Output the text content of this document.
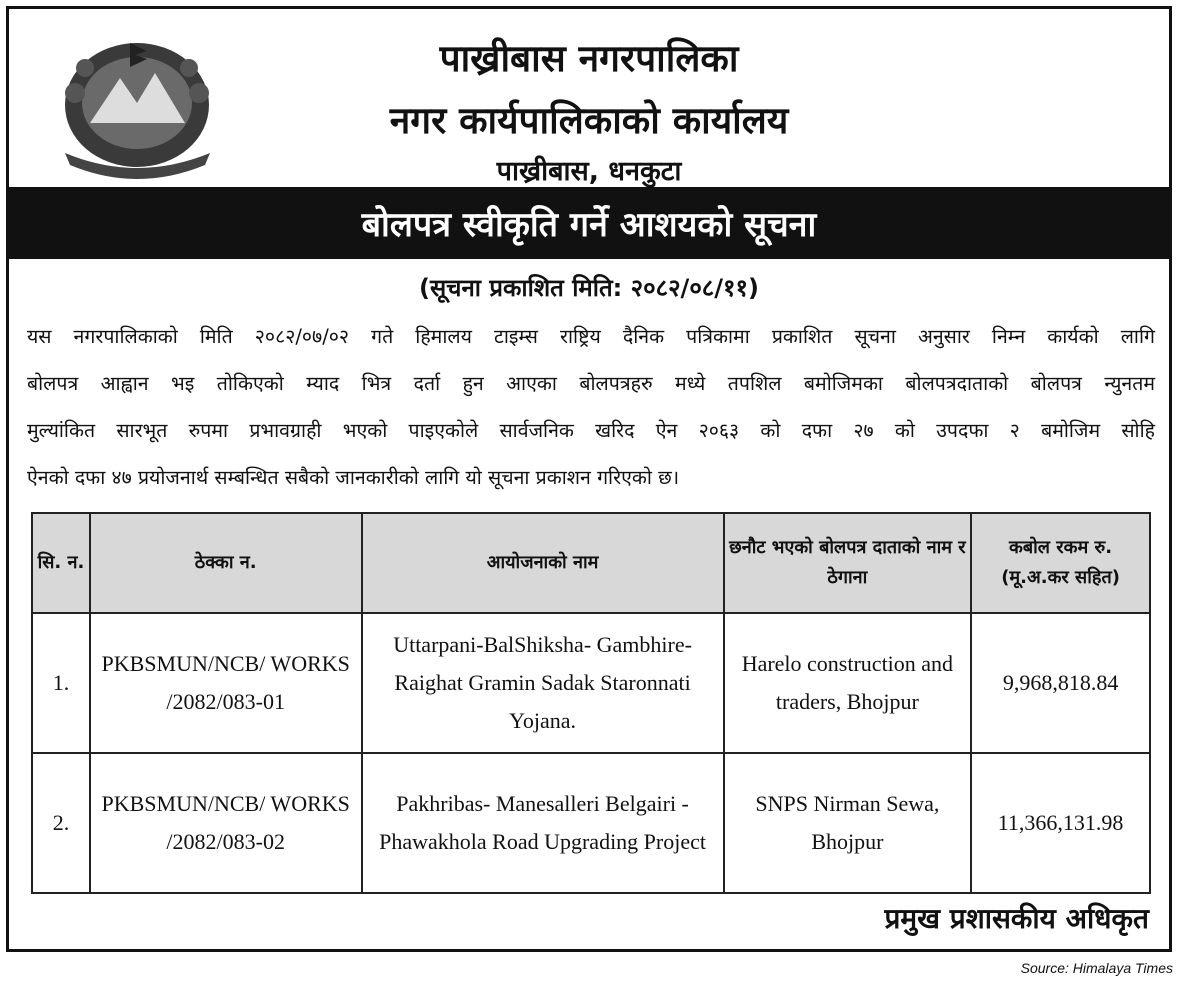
पाख्रीबास नगरपालिका
नगर कार्यपालिकाको कार्यालय
पाख्रीबास, धनकुटा
बोलपत्र स्वीकृति गर्ने आशयको सूचना
(सूचना प्रकाशित मिति: २०८२/०८/११)
यस नगरपालिकाको मिति २०८२/०७/०२ गते हिमालय टाइम्स राष्ट्रिय दैनिक पत्रिकामा प्रकाशित सूचना अनुसार निम्न कार्यको लागि
बोलपत्र आह्वान भइ तोकिएको म्याद भित्र दर्ता हुन आएका बोलपत्रहरु मध्ये तपशिल बमोजिमका बोलपत्रदाताको बोलपत्र न्युनतम
मुल्यांकित सारभूत रुपमा प्रभावग्राही भएको पाइएकोले सार्वजनिक खरिद ऐन २०६३ को दफा २७ को उपदफा २ बमोजिम सोहि
ऐनको दफा ४७ प्रयोजनार्थ सम्बन्धित सबैको जानकारीको लागि यो सूचना प्रकाशन गरिएको छ।
सि. न.	ठेक्का न.	आयोजनाको नाम	छनौट भएको बोलपत्र दाताको नाम र ठेगाना	कबोल रकम रु. (मू.अ.कर सहित)
1.	PKBSMUN/NCB/ WORKS /2082/083-01	Uttarpani-BalShiksha- Gambhire- Raighat Gramin Sadak Staronnati Yojana.	Harelo construction and traders, Bhojpur	9,968,818.84
2.	PKBSMUN/NCB/ WORKS /2082/083-02	Pakhribas- Manesalleri Belgairi - Phawakhola Road Upgrading Project	SNPS Nirman Sewa, Bhojpur	11,366,131.98
प्रमुख प्रशासकीय अधिकृत
Source: Himalaya Times
